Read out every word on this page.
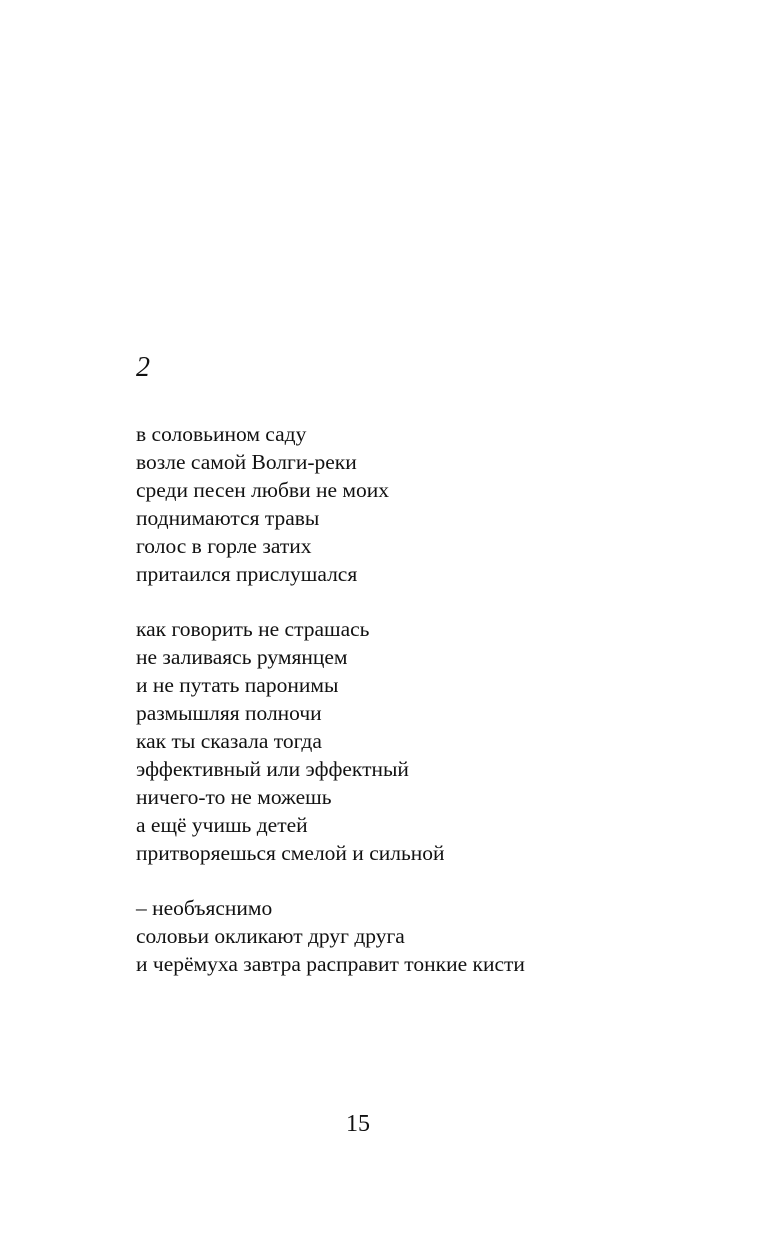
2
в соловьином саду
возле самой Волги-реки
среди песен любви не моих
поднимаются травы
голос в горле затих
притаился прислушался
как говорить не страшась
не заливаясь румянцем
и не путать паронимы
размышляя полночи
как ты сказала тогда
эффективный или эффектный
ничего-то не можешь
а ещё учишь детей
притворяешься смелой и сильной
– необъяснимо
соловьи окликают друг друга
и черёмуха завтра расправит тонкие кисти
15
